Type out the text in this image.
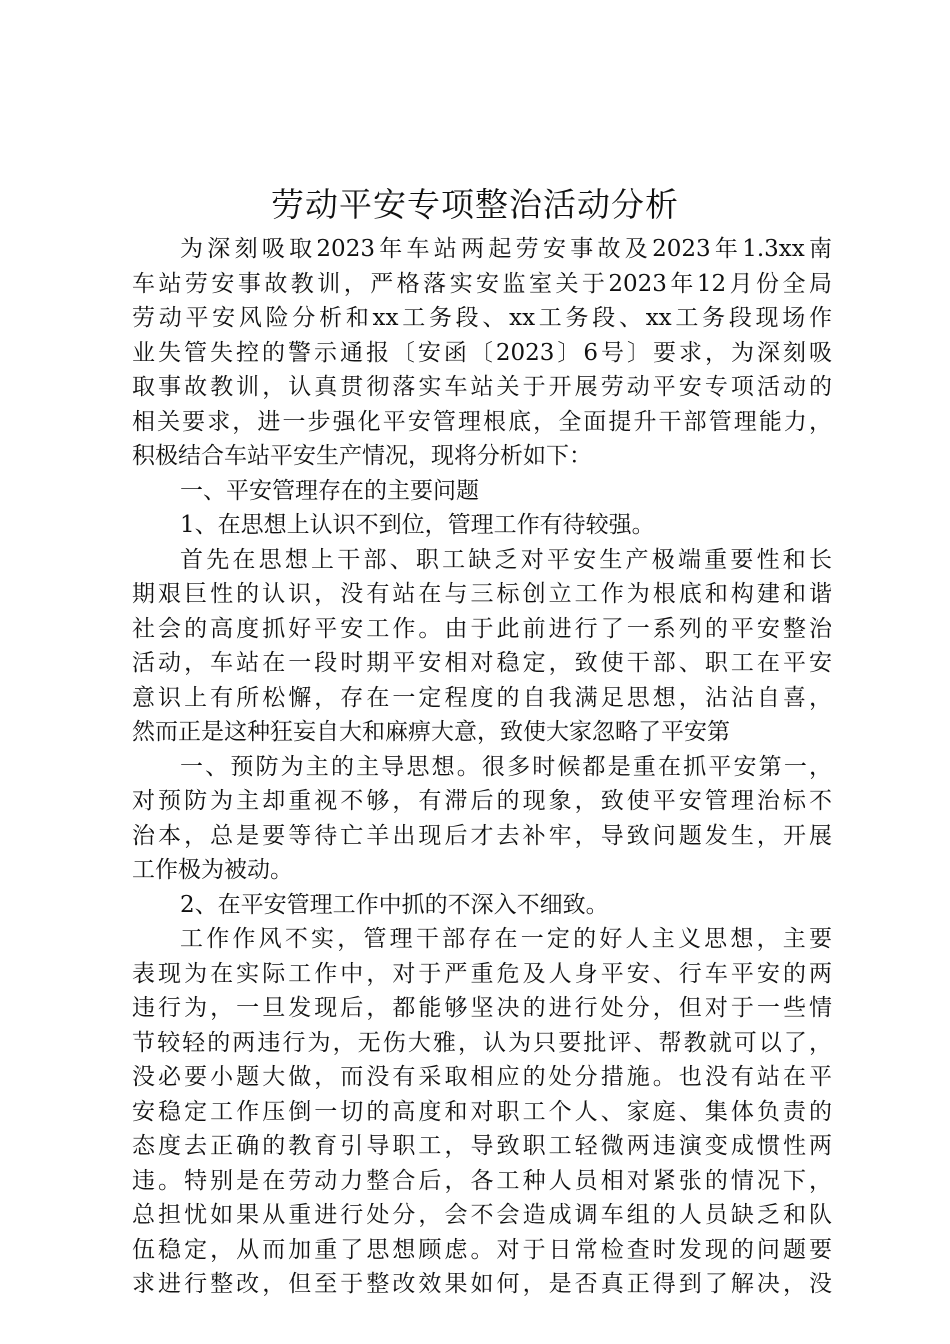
劳动平安专项整治活动分析
为深刻吸取2023年车站两起劳安事故及2023年1.3xx南
车站劳安事故教训，严格落实安监室关于2023年12月份全局
劳动平安风险分析和xx工务段、xx工务段、xx工务段现场作
业失管失控的警示通报〔安函〔2023〕6号〕要求，为深刻吸
取事故教训，认真贯彻落实车站关于开展劳动平安专项活动的
相关要求，进一步强化平安管理根底，全面提升干部管理能力，
积极结合车站平安生产情况，现将分析如下：
一、平安管理存在的主要问题
1、在思想上认识不到位，管理工作有待较强。
首先在思想上干部、职工缺乏对平安生产极端重要性和长
期艰巨性的认识，没有站在与三标创立工作为根底和构建和谐
社会的高度抓好平安工作。由于此前进行了一系列的平安整治
活动，车站在一段时期平安相对稳定，致使干部、职工在平安
意识上有所松懈，存在一定程度的自我满足思想，沾沾自喜，
然而正是这种狂妄自大和麻痹大意，致使大家忽略了平安第
一、预防为主的主导思想。很多时候都是重在抓平安第一，
对预防为主却重视不够，有滞后的现象，致使平安管理治标不
治本，总是要等待亡羊出现后才去补牢，导致问题发生，开展
工作极为被动。
2、在平安管理工作中抓的不深入不细致。
工作作风不实，管理干部存在一定的好人主义思想，主要
表现为在实际工作中，对于严重危及人身平安、行车平安的两
违行为，一旦发现后，都能够坚决的进行处分，但对于一些情
节较轻的两违行为，无伤大雅，认为只要批评、帮教就可以了，
没必要小题大做，而没有采取相应的处分措施。也没有站在平
安稳定工作压倒一切的高度和对职工个人、家庭、集体负责的
态度去正确的教育引导职工，导致职工轻微两违演变成惯性两
违。特别是在劳动力整合后，各工种人员相对紧张的情况下，
总担忧如果从重进行处分，会不会造成调车组的人员缺乏和队
伍稳定，从而加重了思想顾虑。对于日常检查时发现的问题要
求进行整改，但至于整改效果如何，是否真正得到了解决，没
